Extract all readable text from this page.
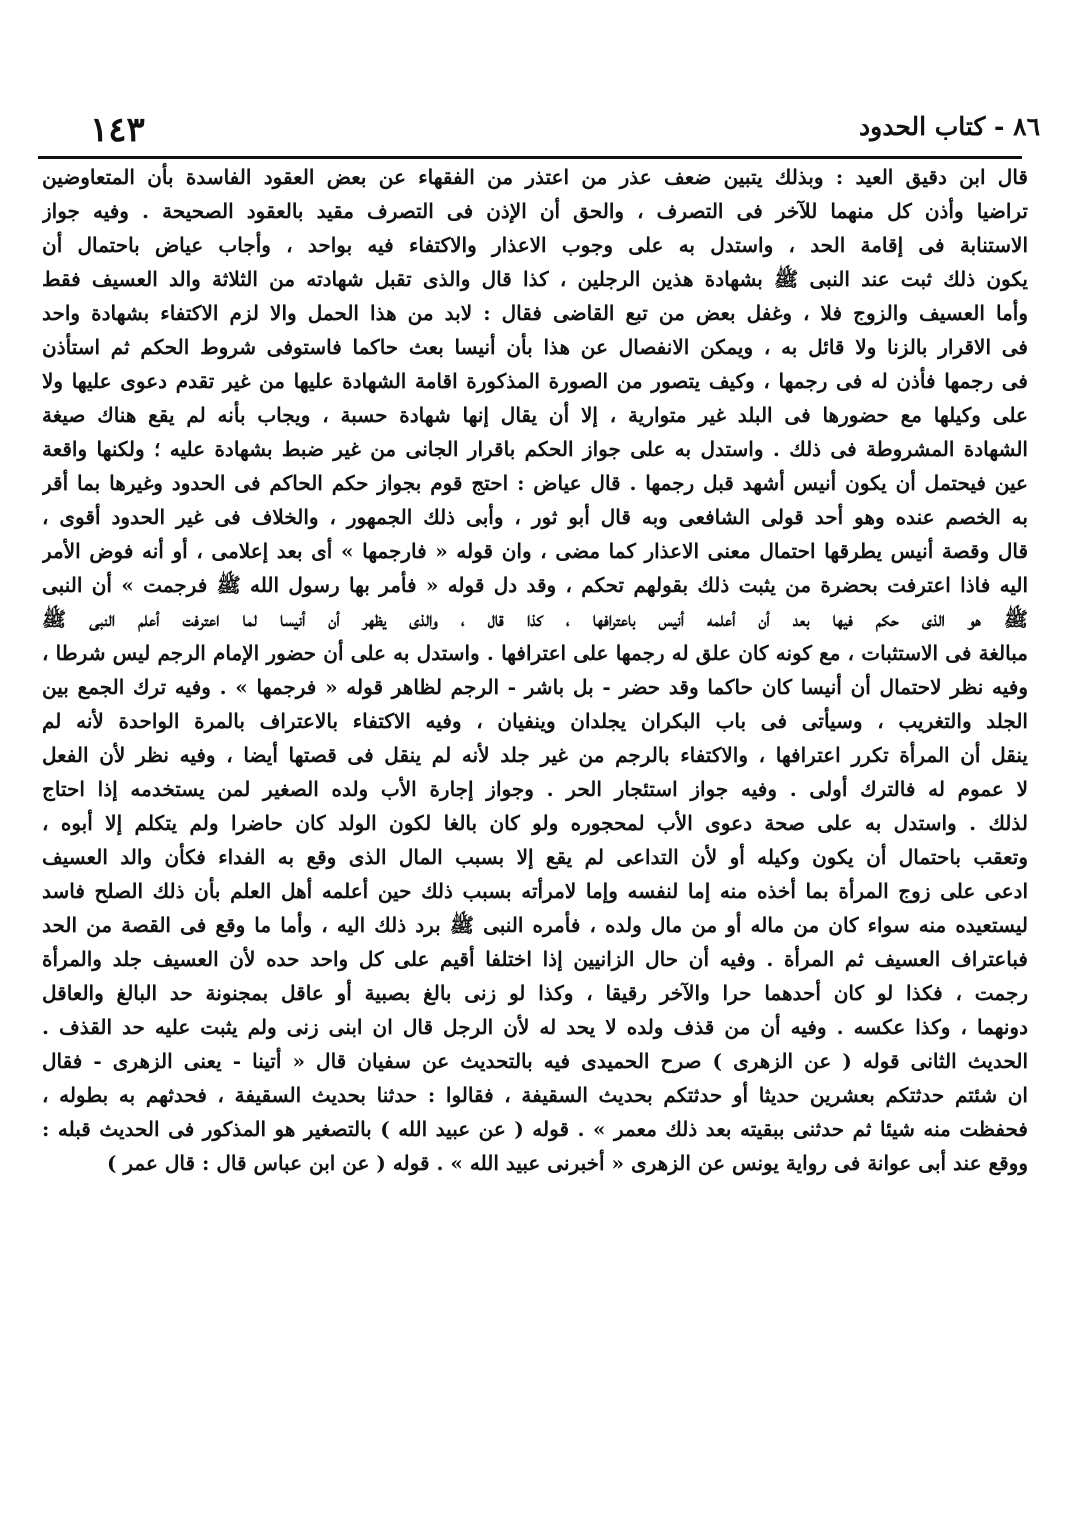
٨٦ - كتاب الحدود
١٤٣
قال ابن دقيق العيد : وبذلك يتبين ضعف عذر من اعتذر من الفقهاء عن بعض العقود الفاسدة بأن المتعاوضين
تراضيا وأذن كل منهما للآخر فى التصرف ، والحق أن الإذن فى التصرف مقيد بالعقود الصحيحة . وفيه جواز
الاستنابة فى إقامة الحد ، واستدل به على وجوب الاعذار والاكتفاء فيه بواحد ، وأجاب عياض باحتمال أن
يكون ذلك ثبت عند النبى ﷺ بشهادة هذين الرجلين ، كذا قال والذى تقبل شهادته من الثلاثة والد العسيف فقط
وأما العسيف والزوج فلا ، وغفل بعض من تبع القاضى فقال : لابد من هذا الحمل والا لزم الاكتفاء بشهادة واحد
فى الاقرار بالزنا ولا قائل به ، ويمكن الانفصال عن هذا بأن أنيسا بعث حاكما فاستوفى شروط الحكم ثم استأذن
فى رجمها فأذن له فى رجمها ، وكيف يتصور من الصورة المذكورة اقامة الشهادة عليها من غير تقدم دعوى عليها ولا
على وكيلها مع حضورها فى البلد غير متوارية ، إلا أن يقال إنها شهادة حسبة ، ويجاب بأنه لم يقع هناك صيغة
الشهادة المشروطة فى ذلك . واستدل به على جواز الحكم باقرار الجانى من غير ضبط بشهادة عليه ؛ ولكنها واقعة
عين فيحتمل أن يكون أنيس أشهد قبل رجمها . قال عياض : احتج قوم بجواز حكم الحاكم فى الحدود وغيرها بما أقر
به الخصم عنده وهو أحد قولى الشافعى وبه قال أبو ثور ، وأبى ذلك الجمهور ، والخلاف فى غير الحدود أقوى ،
قال وقصة أنيس يطرقها احتمال معنى الاعذار كما مضى ، وان قوله « فارجمها » أى بعد إعلامى ، أو أنه فوض الأمر
اليه فاذا اعترفت بحضرة من يثبت ذلك بقولهم تحكم ، وقد دل قوله « فأمر بها رسول الله ﷺ فرجمت » أن النبى
ﷺ هو الذى حكم فيها بعد أن أعلمه أنيس باعترافها ، كذا قال ، والذى يظهر أن أنيسا لما اعترفت أعلم النبى ﷺ
مبالغة فى الاستثبات ، مع كونه كان علق له رجمها على اعترافها . واستدل به على أن حضور الإمام الرجم ليس شرطا ،
وفيه نظر لاحتمال أن أنيسا كان حاكما وقد حضر - بل باشر - الرجم لظاهر قوله « فرجمها » . وفيه ترك الجمع بين
الجلد والتغريب ، وسيأتى فى باب البكران يجلدان وينفيان ، وفيه الاكتفاء بالاعتراف بالمرة الواحدة لأنه لم
ينقل أن المرأة تكرر اعترافها ، والاكتفاء بالرجم من غير جلد لأنه لم ينقل فى قصتها أيضا ، وفيه نظر لأن الفعل
لا عموم له فالترك أولى . وفيه جواز استئجار الحر . وجواز إجارة الأب ولده الصغير لمن يستخدمه إذا احتاج
لذلك . واستدل به على صحة دعوى الأب لمحجوره ولو كان بالغا لكون الولد كان حاضرا ولم يتكلم إلا أبوه ،
وتعقب باحتمال أن يكون وكيله أو لأن التداعى لم يقع إلا بسبب المال الذى وقع به الفداء فكأن والد العسيف
ادعى على زوج المرأة بما أخذه منه إما لنفسه وإما لامرأته بسبب ذلك حين أعلمه أهل العلم بأن ذلك الصلح فاسد
ليستعيده منه سواء كان من ماله أو من مال ولده ، فأمره النبى ﷺ برد ذلك اليه ، وأما ما وقع فى القصة من الحد
فباعتراف العسيف ثم المرأة . وفيه أن حال الزانيين إذا اختلفا أقيم على كل واحد حده لأن العسيف جلد والمرأة
رجمت ، فكذا لو كان أحدهما حرا والآخر رقيقا ، وكذا لو زنى بالغ بصبية أو عاقل بمجنونة حد البالغ والعاقل
دونهما ، وكذا عكسه . وفيه أن من قذف ولده لا يحد له لأن الرجل قال ان ابنى زنى ولم يثبت عليه حد القذف .
الحديث الثانى قوله ( عن الزهرى ) صرح الحميدى فيه بالتحديث عن سفيان قال « أتينا - يعنى الزهرى - فقال
ان شئتم حدثتكم بعشرين حديثا أو حدثتكم بحديث السقيفة ، فقالوا : حدثنا بحديث السقيفة ، فحدثهم به بطوله ،
فحفظت منه شيئا ثم حدثنى ببقيته بعد ذلك معمر » . قوله ( عن عبيد الله ) بالتصغير هو المذكور فى الحديث قبله :
ووقع عند أبى عوانة فى رواية يونس عن الزهرى « أخبرنى عبيد الله » . قوله ( عن ابن عباس قال : قال عمر )
